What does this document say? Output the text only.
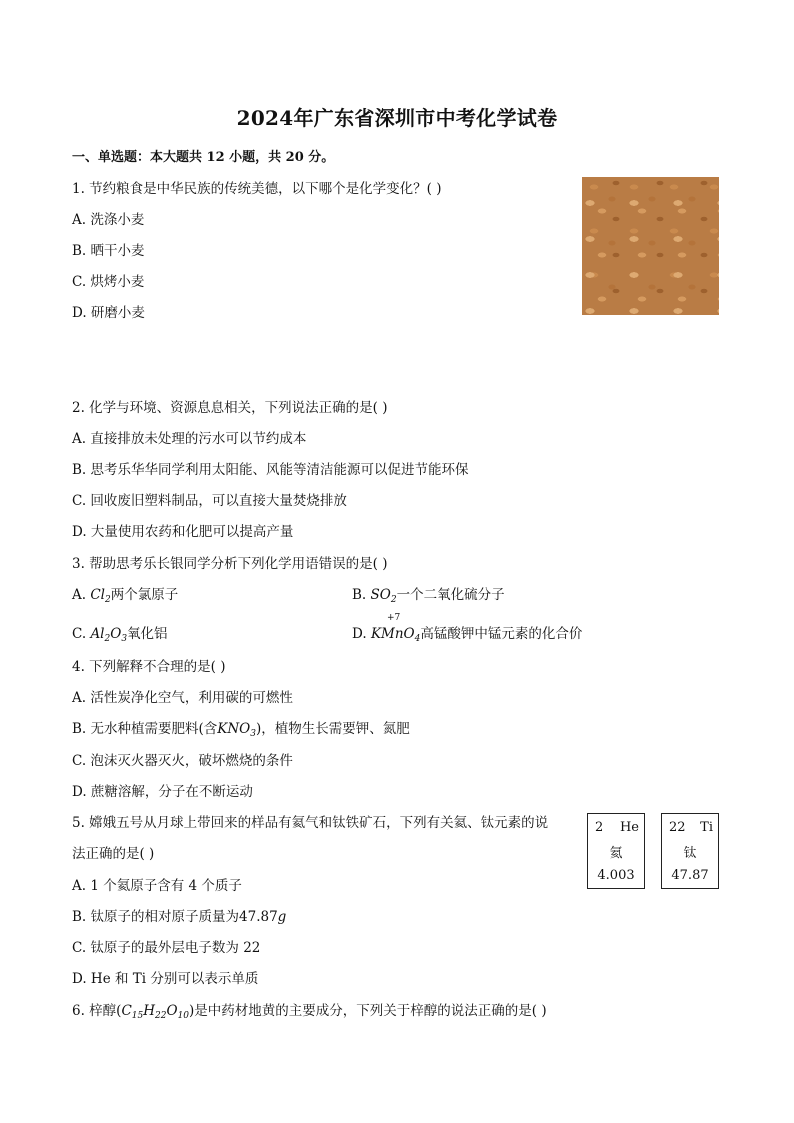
2024年广东省深圳市中考化学试卷
一、单选题：本大题共 12 小题，共 20 分。
1. 节约粮食是中华民族的传统美德，以下哪个是化学变化？( )
A. 洗涤小麦
B. 晒干小麦
C. 烘烤小麦
D. 研磨小麦
2. 化学与环境、资源息息相关，下列说法正确的是( )
A. 直接排放未处理的污水可以节约成本
B. 思考乐华华同学利用太阳能、风能等清洁能源可以促进节能环保
C. 回收废旧塑料制品，可以直接大量焚烧排放
D. 大量使用农药和化肥可以提高产量
3. 帮助思考乐长银同学分析下列化学用语错误的是( )
A. $Cl_2$两个氯原子	B. $SO_2$一个二氧化硫分子
C. $Al_2O_3$氧化铝	D.
+7
KMnO$_4$高锰酸钾中锰元素的化合价
4. 下列解释不合理的是( )
A. 活性炭净化空气，利用碳的可燃性
B. 无水种植需要肥料(含$KNO_3$)，植物生长需要钾、氮肥
C. 泡沫灭火器灭火，破坏燃烧的条件
D. 蔗糖溶解，分子在不断运动
5. 嫦娥五号从月球上带回来的样品有氦气和钛铁矿石，下列有关氦、钛元素的说
法正确的是( )
A. 1 个氦原子含有 4 个质子
B. 钛原子的相对原子质量为47.87g
C. 钛原子的最外层电子数为 22
D. He 和 Ti 分别可以表示单质
2 He
氦
4.003
22 Ti
钛
47.87
6. 梓醇$(C_{15}H_{22}O_{10})$是中药材地黄的主要成分，下列关于梓醇的说法正确的是( )
